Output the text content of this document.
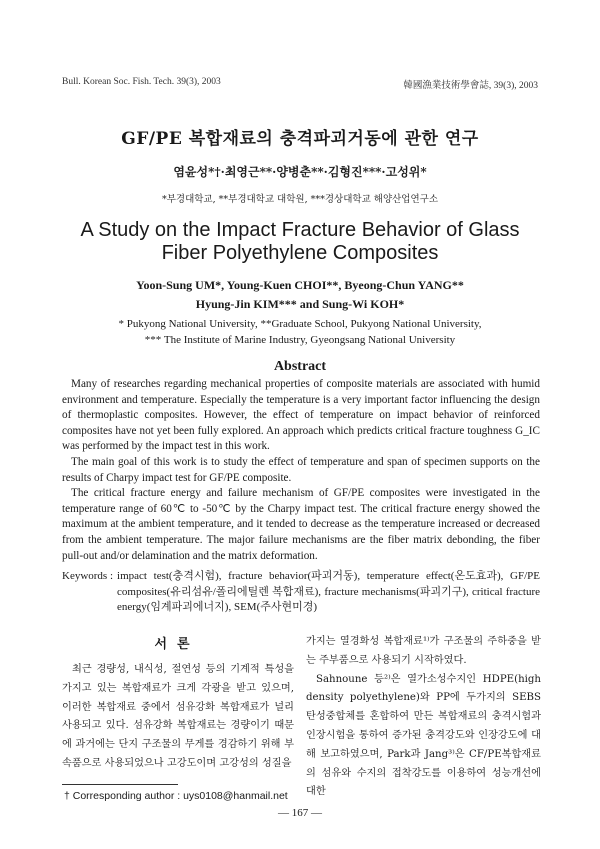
Bull. Korean Soc. Fish. Tech. 39(3), 2003	韓國漁業技術學會誌, 39(3), 2003
GF/PE 복합재료의 충격파괴거동에 관한 연구
염윤성*†·최영근**·양병춘**·김형진***·고성위*
*부경대학교, **부경대학교 대학원, ***경상대학교 해양산업연구소
A Study on the Impact Fracture Behavior of Glass
Fiber Polyethylene Composites
Yoon-Sung UM*, Young-Kuen CHOI**, Byeong-Chun YANG**
Hyung-Jin KIM*** and Sung-Wi KOH*
* Pukyong National University, **Graduate School, Pukyong National University,
*** The Institute of Marine Industry, Gyeongsang National University
Abstract

Many of researches regarding mechanical properties of composite materials are associated with humid environment and temperature. Especially the temperature is a very important factor influencing the design of thermoplastic composites. However, the effect of temperature on impact behavior of reinforced composites have not yet been fully explored. An approach which predicts critical fracture toughness G_IC was performed by the impact test in this work.

The main goal of this work is to study the effect of temperature and span of specimen supports on the results of Charpy impact test for GF/PE composite.

The critical fracture energy and failure mechanism of GF/PE composites were investigated in the temperature range of 60℃ to -50℃ by the Charpy impact test. The critical fracture energy showed the maximum at the ambient temperature, and it tended to decrease as the temperature increased or decreased from the ambient temperature. The major failure mechanisms are the fiber matrix debonding, the fiber pull-out and/or delamination and the matrix deformation.

Keywords : impact test(충격시험), fracture behavior(파괴거동), temperature effect(온도효과), GF/PE composites(유리섬유/폴리에틸렌 복합재료), fracture mechanisms(파괴기구), critical fracture energy(임계파괴에너지), SEM(주사현미경)
서론

최근 경량성, 내식성, 절연성 등의 기계적 특성을 가지고 있는 복합재료가 크게 각광을 받고 있으며, 이러한 복합재료 중에서 섬유강화 복합재료가 널리 사용되고 있다. 섬유강화 복합재료는 경량이기 때문에 과거에는 단지 구조물의 무게를 경감하기 위해 부속품으로 사용되었으나 고강도이며 고강성의 성질을

가지는 열경화성 복합재료¹⁾가 구조물의 주하중을 받는 주부품으로 사용되기 시작하였다.

Sahnoune 등²⁾은 열가소성수지인 HDPE(high density polyethylene)와 PP에 두가지의 SEBS 탄성중합체를 혼합하여 만든 복합재료의 충격시험과 인장시험을 통하여 증가된 충격강도와 인장강도에 대해 보고하였으며, Park과 Jang³⁾은 CF/PE복합재료의 섬유와 수지의 접착강도를 이용하여 성능개선에 대한

† Corresponding author : uys0108@hanmail.net
— 167 —
